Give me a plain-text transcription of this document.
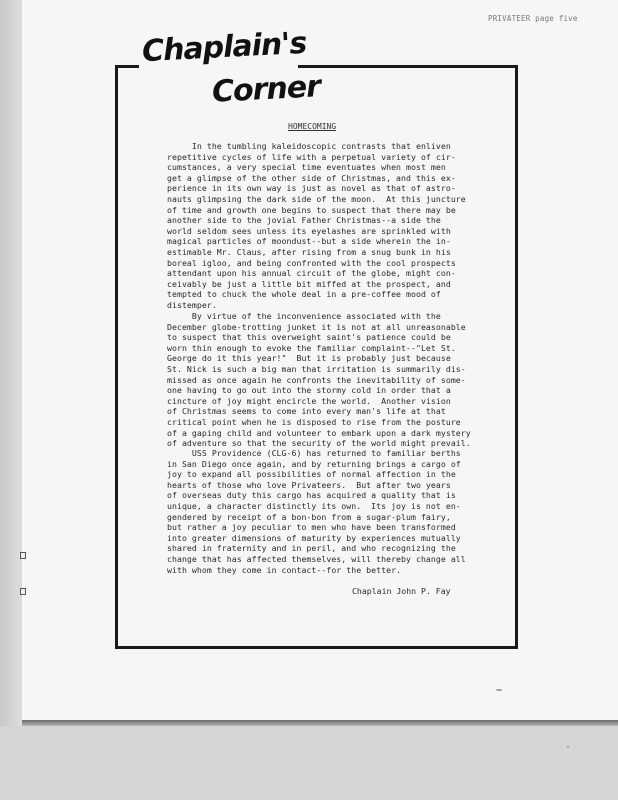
PRIVATEER page five
Chaplain's
Corner
HOMECOMING

In the tumbling kaleidoscopic contrasts that enliven
repetitive cycles of life with a perpetual variety of cir-
cumstances, a very special time eventuates when most men
get a glimpse of the other side of Christmas, and this ex-
perience in its own way is just as novel as that of astro-
nauts glimpsing the dark side of the moon.  At this juncture
of time and growth one begins to suspect that there may be
another side to the jovial Father Christmas--a side the
world seldom sees unless its eyelashes are sprinkled with
magical particles of moondust--but a side wherein the in-
estimable Mr. Claus, after rising from a snug bunk in his
boreal igloo, and being confronted with the cool prospects
attendant upon his annual circuit of the globe, might con-
ceivably be just a little bit miffed at the prospect, and
tempted to chuck the whole deal in a pre-coffee mood of
distemper.

By virtue of the inconvenience associated with the
December globe-trotting junket it is not at all unreasonable
to suspect that this overweight saint's patience could be
worn thin enough to evoke the familiar complaint--"Let St.
George do it this year!"  But it is probably just because
St. Nick is such a big man that irritation is summarily dis-
missed as once again he confronts the inevitability of some-
one having to go out into the stormy cold in order that a
cincture of joy might encircle the world.  Another vision
of Christmas seems to come into every man's life at that
critical point when he is disposed to rise from the posture
of a gaping child and volunteer to embark upon a dark mystery
of adventure so that the security of the world might prevail.

USS Providence (CLG-6) has returned to familiar berths
in San Diego once again, and by returning brings a cargo of
joy to expand all possibilities of normal affection in the
hearts of those who love Privateers.  But after two years
of overseas duty this cargo has acquired a quality that is
unique, a character distinctly its own.  Its joy is not en-
gendered by receipt of a bon-bon from a sugar-plum fairy,
but rather a joy peculiar to men who have been transformed
into greater dimensions of maturity by experiences mutually
shared in fraternity and in peril, and who recognizing the
change that has affected themselves, will thereby change all
with whom they come in contact--for the better.

Chaplain John P. Fay
